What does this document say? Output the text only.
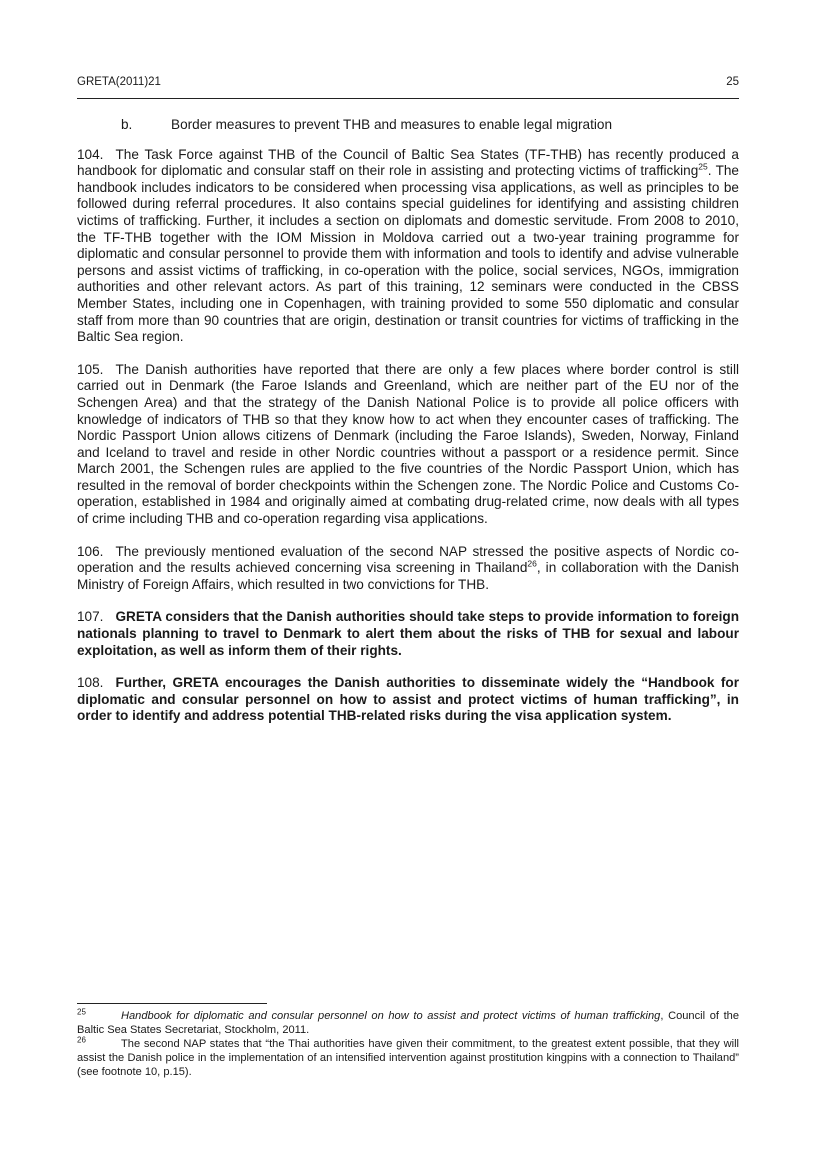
GRETA(2011)21	25
b.	Border measures to prevent THB and measures to enable legal migration

104. The Task Force against THB of the Council of Baltic Sea States (TF-THB) has recently produced a handbook for diplomatic and consular staff on their role in assisting and protecting victims of trafficking$^{25}$. The handbook includes indicators to be considered when processing visa applications, as well as principles to be followed during referral procedures. It also contains special guidelines for identifying and assisting children victims of trafficking. Further, it includes a section on diplomats and domestic servitude. From 2008 to 2010, the TF-THB together with the IOM Mission in Moldova carried out a two-year training programme for diplomatic and consular personnel to provide them with information and tools to identify and advise vulnerable persons and assist victims of trafficking, in co-operation with the police, social services, NGOs, immigration authorities and other relevant actors. As part of this training, 12 seminars were conducted in the CBSS Member States, including one in Copenhagen, with training provided to some 550 diplomatic and consular staff from more than 90 countries that are origin, destination or transit countries for victims of trafficking in the Baltic Sea region.

105. The Danish authorities have reported that there are only a few places where border control is still carried out in Denmark (the Faroe Islands and Greenland, which are neither part of the EU nor of the Schengen Area) and that the strategy of the Danish National Police is to provide all police officers with knowledge of indicators of THB so that they know how to act when they encounter cases of trafficking. The Nordic Passport Union allows citizens of Denmark (including the Faroe Islands), Sweden, Norway, Finland and Iceland to travel and reside in other Nordic countries without a passport or a residence permit. Since March 2001, the Schengen rules are applied to the five countries of the Nordic Passport Union, which has resulted in the removal of border checkpoints within the Schengen zone. The Nordic Police and Customs Co-operation, established in 1984 and originally aimed at combating drug-related crime, now deals with all types of crime including THB and co-operation regarding visa applications.

106. The previously mentioned evaluation of the second NAP stressed the positive aspects of Nordic co-operation and the results achieved concerning visa screening in Thailand$^{26}$, in collaboration with the Danish Ministry of Foreign Affairs, which resulted in two convictions for THB.

107. GRETA considers that the Danish authorities should take steps to provide information to foreign nationals planning to travel to Denmark to alert them about the risks of THB for sexual and labour exploitation, as well as inform them of their rights.

108. Further, GRETA encourages the Danish authorities to disseminate widely the “Handbook for diplomatic and consular personnel on how to assist and protect victims of human trafficking”, in order to identify and address potential THB-related risks during the visa application system.

$^{25}$	Handbook for diplomatic and consular personnel on how to assist and protect victims of human trafficking, Council of the Baltic Sea States Secretariat, Stockholm, 2011.
$^{26}$	The second NAP states that “the Thai authorities have given their commitment, to the greatest extent possible, that they will assist the Danish police in the implementation of an intensified intervention against prostitution kingpins with a connection to Thailand” (see footnote 10, p.15).
